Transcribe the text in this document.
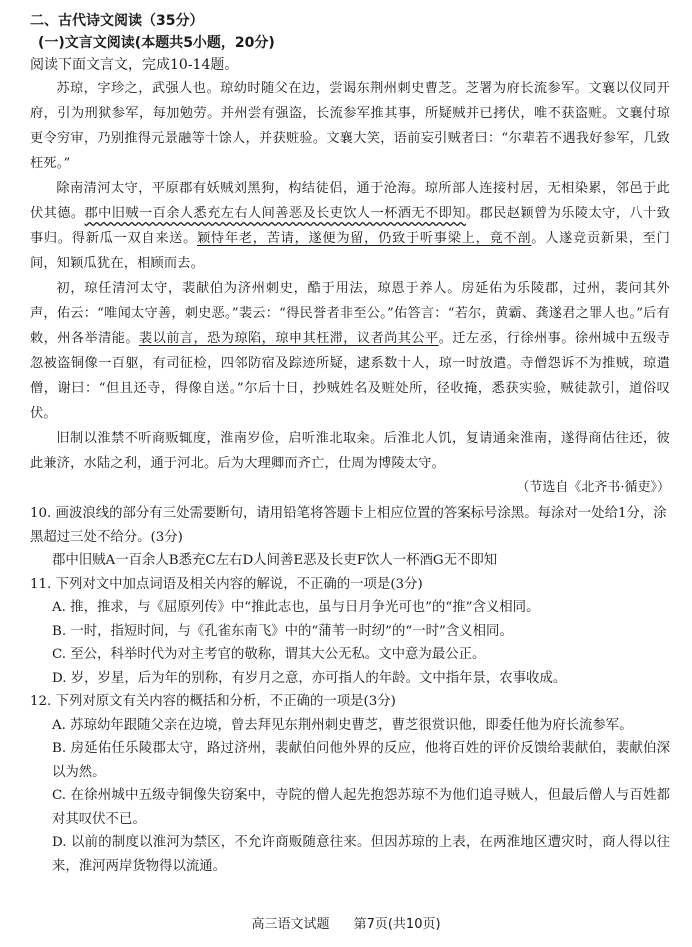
二、古代诗文阅读（35分）

(一)文言文阅读(本题共5小题，20分)

阅读下面文言文，完成10-14题。

苏琼，字珍之，武强人也。琼幼时随父在边，尝谒东荆州刺史曹芝。芝署为府长流参军。文襄以仪同开府，引为刑狱参军，每加勉劳。并州尝有强盗，长流参军推其事，所疑贼并已拷伏，唯不获盗赃。文襄付琼更令穷审，乃别推得元景融等十馀人，并获赃验。文襄大笑，语前妄引贼者曰：“尔辈若不遇我好参军，几致枉死。”

除南清河太守，平原郡有妖贼刘黑狗，构结徒侣，通于沧海。琼所部人连接村居，无相染累，邻邑于此伏其德。郡中旧贼一百余人悉充左右人间善恶及长吏饮人一杯酒无不即知。郡民赵颖曾为乐陵太守，八十致事归。得新瓜一双自来送。颖恃年老，苦请，遂便为留，仍致于听事梁上，竟不剖。人遂竞贡新果，至门间，知颖瓜犹在，相顾而去。

初，琼任清河太守，裴献伯为济州刺史，酷于用法，琼恩于养人。房延佑为乐陵郡，过州，裴问其外声，佑云：“唯闻太守善，刺史恶。”裴云：“得民誉者非至公。”佑答言：“若尔，黄霸、龚遂君之罪人也。”后有敕，州各举清能。裴以前言，恐为琼陷，琼申其枉滞，议者尚其公平。迁左丞，行徐州事。徐州城中五级寺忽被盗铜像一百躯，有司征检，四邻防宿及踪迹所疑，逮系数十人，琼一时放遣。寺僧怨诉不为推贼，琼遣僧，谢曰：“但且还寺，得像自送。”尔后十日，抄贼姓名及赃处所，径收掩，悉获实验，贼徒款引，道俗叹伏。

旧制以淮禁不听商贩辄度，淮南岁俭，启听淮北取籴。后淮北人饥，复请通籴淮南，遂得商估往还，彼此兼济，水陆之利，通于河北。后为大理卿而齐亡，仕周为博陵太守。

（节选自《北齐书·循吏》）

10. 画波浪线的部分有三处需要断句，请用铅笔将答题卡上相应位置的答案标号涂黑。每涂对一处给1分，涂黑超过三处不给分。(3分)

郡中旧贼A一百余人B悉充C左右D人间善E恶及长吏F饮人一杯酒G无不即知

11. 下列对文中加点词语及相关内容的解说，不正确的一项是(3分)

A. 推，推求，与《屈原列传》中“推此志也，虽与日月争光可也”的“推”含义相同。

B. 一时，指短时间，与《孔雀东南飞》中的“蒲苇一时纫”的“一时”含义相同。

C. 至公，科举时代为对主考官的敬称，谓其大公无私。文中意为最公正。

D. 岁，岁星，后为年的别称，有岁月之意，亦可指人的年龄。文中指年景，农事收成。

12. 下列对原文有关内容的概括和分析，不正确的一项是(3分)

A. 苏琼幼年跟随父亲在边境，曾去拜见东荆州刺史曹芝，曹芝很赏识他，即委任他为府长流参军。

B. 房延佑任乐陵郡太守，路过济州，裴献伯问他外界的反应，他将百姓的评价反馈给裴献伯，裴献伯深以为然。

C. 在徐州城中五级寺铜像失窃案中，寺院的僧人起先抱怨苏琼不为他们追寻贼人，但最后僧人与百姓都对其叹伏不已。

D. 以前的制度以淮河为禁区，不允许商贩随意往来。但因苏琼的上表，在两淮地区遭灾时，商人得以往来，淮河两岸货物得以流通。

高三语文试题 第7页(共10页)
